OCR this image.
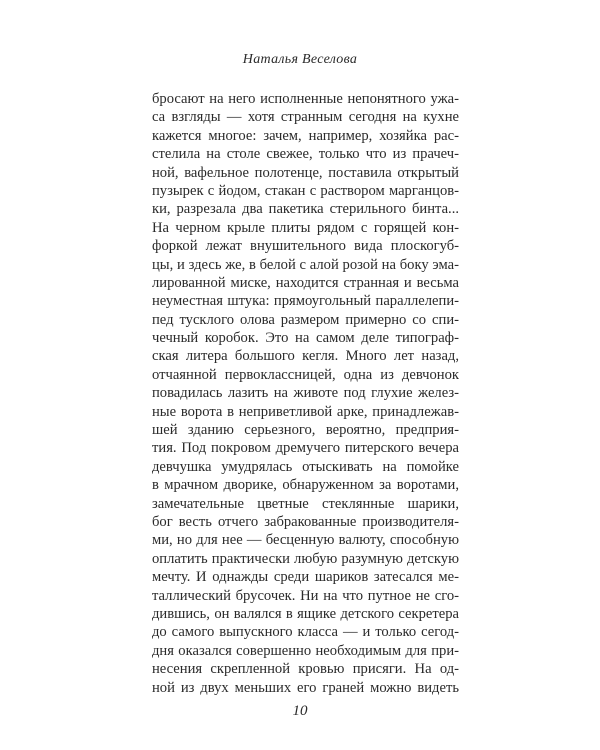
Наталья Веселова
бросают на него исполненные непонятного ужа-
са взгляды — хотя странным сегодня на кухне
кажется многое: зачем, например, хозяйка рас-
стелила на столе свежее, только что из прачеч-
ной, вафельное полотенце, поставила открытый
пузырек с йодом, стакан с раствором марганцов-
ки, разрезала два пакетика стерильного бинта...
На черном крыле плиты рядом с горящей кон-
форкой лежат внушительного вида плоскогуб-
цы, и здесь же, в белой с алой розой на боку эма-
лированной миске, находится странная и весьма
неуместная штука: прямоугольный параллелепи-
пед тусклого олова размером примерно со спи-
чечный коробок. Это на самом деле типограф-
ская литера большого кегля. Много лет назад,
отчаянной первоклассницей, одна из девчонок
повадилась лазить на животе под глухие желез-
ные ворота в неприветливой арке, принадлежав-
шей зданию серьезного, вероятно, предприя-
тия. Под покровом дремучего питерского вечера
девчушка умудрялась отыскивать на помойке
в мрачном дворике, обнаруженном за воротами,
замечательные цветные стеклянные шарики,
бог весть отчего забракованные производителя-
ми, но для нее — бесценную валюту, способную
оплатить практически любую разумную детскую
мечту. И однажды среди шариков затесался ме-
таллический брусочек. Ни на что путное не сго-
дившись, он валялся в ящике детского секретера
до самого выпускного класса — и только сегод-
дня оказался совершенно необходимым для при-
несения скрепленной кровью присяги. На од-
ной из двух меньших его граней можно видеть
10
